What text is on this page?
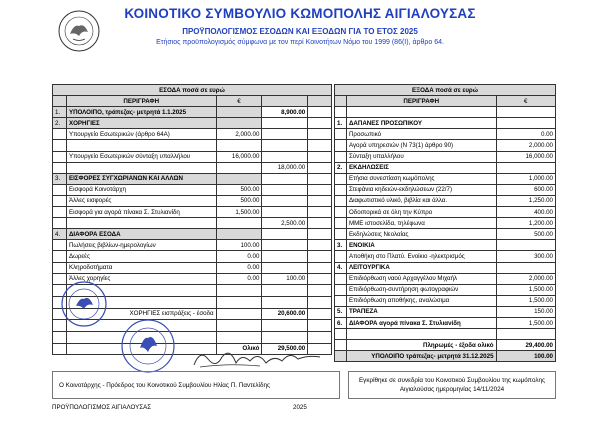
ΚΟΙΝΟΤΙΚΟ ΣΥΜΒΟΥΛΙΟ ΚΩΜΟΠΟΛΗΣ ΑΙΓΙΑΛΟΥΣΑΣ
ΠΡΟΫΠΟΛΟΓΙΣΜΟΣ ΕΣΟΔΩΝ ΚΑΙ ΕΞΟΔΩΝ ΓΙΑ ΤΟ ΕΤΟΣ 2025
Ετήσιος προϋπολογισμός σύμφωνα με τον περί Κοινοτήτων Νόμο του 1999 (86(Ι), άρθρο 64.
ΕΣΟΔΑ ποσά σε ευρώ				
	ΠΕΡΙΓΡΑΦΗ	€		
1.	ΥΠΟΛΟΙΠΟ, τράπεζας- μετρητά 1.1.2025		8,900.00	
2.	ΧΟΡΗΓΙΕΣ			
	Υπουργείο Εσωτερικών (άρθρο 64Α)	2,000.00		

	Υπουργείο Εσωτερικών σύνταξη υπαλλήλου	16,000.00		
			18,000.00	
3.	ΕΙΣΦΟΡΕΣ ΣΥΓΧΩΡΙΑΝΩΝ ΚΑΙ ΑΛΛΩΝ			
	Εισφορά Κοινοτάρχη	500.00		
	Άλλες εισφορές	500.00		
	Εισφορά για αγορά πίνακα Σ. Στυλιανίδη	1,500.00		
			2,500.00	
4.	ΔΙΑΦΟΡΑ ΕΣΟΔΑ			
	Πωλήσεις βιβλίων-ημερολογίων	100.00		
	Δωρεές	0.00		
	Κληροδοτήματα	0.00		
	Άλλες χορηγίες	0.00	100.00	

	ΧΟΡΗΓΙΕΣ εισπράξεις - έσοδα		20,600.00	

		Ολικό	29,500.00	
ΕΞΟΔΑ ποσά σε ευρώ		
	ΠΕΡΙΓΡΑΦΗ	€

1.	ΔΑΠΑΝΕΣ ΠΡΟΣΩΠΙΚΟΥ	
	Προσωπικό	0.00
	Αγορά υπηρεσιών (Ν 73(1) άρθρο 90)	2,000.00
	Σύνταξη υπαλλήλου	16,000.00
2.	ΕΚΔΗΛΩΣΕΙΣ	
	Ετήσια συνεστίαση κωμόπολης	1,000.00
	Στεφάνια κηδειών-εκδηλώσεων (22/7)	600.00
	Διαφωτιστικό υλικό, βιβλία και άλλα.	1,250.00
	Οδοιπορικά σε όλη την Κύπρο	400.00
	ΜΜΕ ιστοσελίδα, τηλέφωνα	1,200.00
	Εκδηλώσεις Νεολαίας	500.00
3.	ΕΝΟΙΚΙΑ	
	Αποθήκη στο Πλατύ. Ενοίκιο -ηλεκτρισμός	300.00
4.	ΛΕΙΤΟΥΡΓΙΚΑ	
	Επιδιόρθωση ναού Αρχαγγέλου Μιχαήλ	2,000.00
	Επιδιόρθωση-συντήρηση φωτογραφιών	1,500.00
	Επιδιόρθωση αποθήκης, αναλώσιμα	1,500.00
5.	ΤΡΑΠΕΖΑ	150.00
6.	ΔΙΑΦΟΡΑ αγορά πίνακα Σ. Στυλιανίδη	1,500.00

	Πληρωμές - έξοδα ολικό	29,400.00
	ΥΠΟΛΟΙΠΟ τράπεζας- μετρητά 31.12.2025	100.00
Ο Κοινοτάρχης - Πρόεδρος του Κοινοτικού Συμβουλίου Ηλίας Π. Παντελίδης
Εγκρίθηκε σε συνεδρία του Κοινοτικού Συμβουλίου της κωμόπολης Αιγιαλούσας ημερομηνίας 14/11/2024
ΠΡΟΫΠΟΛΟΓΙΣΜΟΣ ΑΙΓΙΑΛΟΥΣΑΣ	2025
